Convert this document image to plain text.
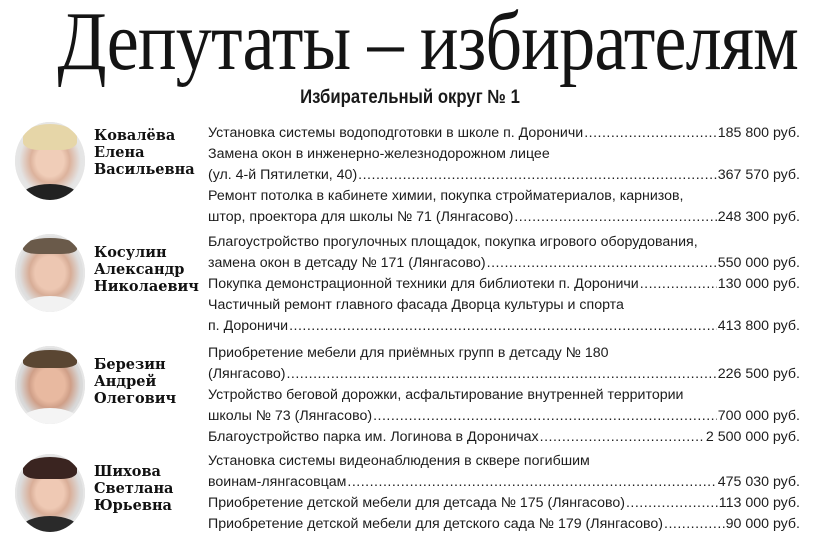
Депутаты – избирателям
Избирательный округ № 1
Ковалёва
Елена
Васильевна
Установка системы водоподготовки в школе п. Дороничи .....	185 800 руб.
Замена окон в инженерно-железнодорожном лицее
(ул. 4-й Пятилетки, 40) .....	367 570 руб.
Ремонт потолка в кабинете химии, покупка стройматериалов, карнизов,
штор, проектора для школы № 71 (Лянгасово) .....	248 300 руб.
Косулин
Александр
Николаевич
Благоустройство прогулочных площадок, покупка игрового оборудования,
замена окон в детсаду № 171 (Лянгасово) .....	550 000 руб.
Покупка демонстрационной техники для библиотеки п. Дороничи .....	130 000 руб.
Частичный ремонт главного фасада Дворца культуры и спорта
п. Дороничи .....	413 800 руб.
Березин
Андрей
Олегович
Приобретение мебели для приёмных групп в детсаду № 180
(Лянгасово) .....	226 500 руб.
Устройство беговой дорожки, асфальтирование внутренней территории
школы № 73 (Лянгасово) .....	700 000 руб.
Благоустройство парка им. Логинова в Дороничах .....	2 500 000 руб.
Шихова
Светлана
Юрьевна
Установка системы видеонаблюдения в сквере погибшим
воинам-лянгасовцам .....	475 030 руб.
Приобретение детской мебели для детсада № 175 (Лянгасово) .....	113 000 руб.
Приобретение детской мебели для детского сада № 179 (Лянгасово) .....	90 000 руб.
